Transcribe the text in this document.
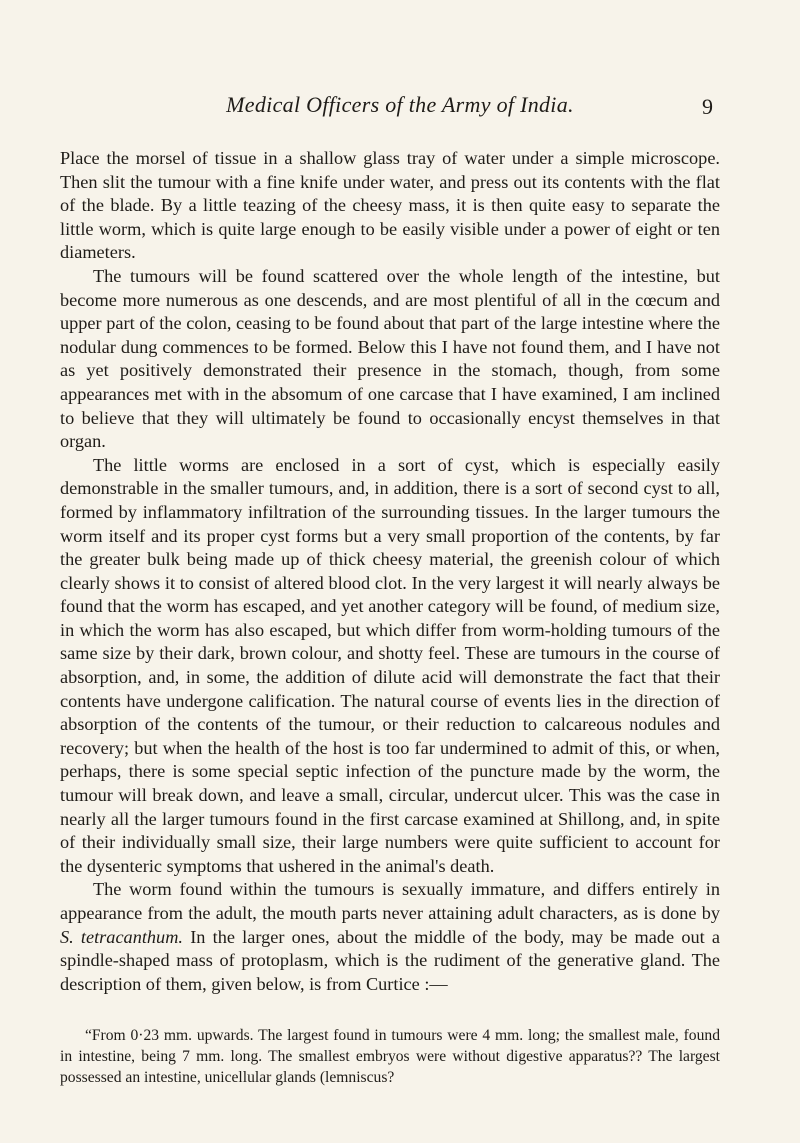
Medical Officers of the Army of India.	9

Place the morsel of tissue in a shallow glass tray of water under a simple microscope. Then slit the tumour with a fine knife under water, and press out its contents with the flat of the blade. By a little teazing of the cheesy mass, it is then quite easy to separate the little worm, which is quite large enough to be easily visible under a power of eight or ten diameters.

The tumours will be found scattered over the whole length of the intestine, but become more numerous as one descends, and are most plentiful of all in the cœcum and upper part of the colon, ceasing to be found about that part of the large intestine where the nodular dung commences to be formed. Below this I have not found them, and I have not as yet positively demonstrated their presence in the stomach, though, from some appearances met with in the absomum of one carcase that I have examined, I am inclined to believe that they will ultimately be found to occasionally encyst themselves in that organ.

The little worms are enclosed in a sort of cyst, which is especially easily demonstrable in the smaller tumours, and, in addition, there is a sort of second cyst to all, formed by inflammatory infiltration of the surrounding tissues. In the larger tumours the worm itself and its proper cyst forms but a very small proportion of the contents, by far the greater bulk being made up of thick cheesy material, the greenish colour of which clearly shows it to consist of altered blood clot. In the very largest it will nearly always be found that the worm has escaped, and yet another category will be found, of medium size, in which the worm has also escaped, but which differ from worm-holding tumours of the same size by their dark, brown colour, and shotty feel. These are tumours in the course of absorption, and, in some, the addition of dilute acid will demonstrate the fact that their contents have undergone calification. The natural course of events lies in the direction of absorption of the contents of the tumour, or their reduction to calcareous nodules and recovery; but when the health of the host is too far undermined to admit of this, or when, perhaps, there is some special septic infection of the puncture made by the worm, the tumour will break down, and leave a small, circular, undercut ulcer. This was the case in nearly all the larger tumours found in the first carcase examined at Shillong, and, in spite of their individually small size, their large numbers were quite sufficient to account for the dysenteric symptoms that ushered in the animal's death.

The worm found within the tumours is sexually immature, and differs entirely in appearance from the adult, the mouth parts never attaining adult characters, as is done by S. tetracanthum. In the larger ones, about the middle of the body, may be made out a spindle-shaped mass of protoplasm, which is the rudiment of the generative gland. The description of them, given below, is from Curtice :—

“From 0·23 mm. upwards. The largest found in tumours were 4 mm. long; the smallest male, found in intestine, being 7 mm. long. The smallest embryos were without digestive apparatus?? The largest possessed an intestine, unicellular glands (lemniscus?
